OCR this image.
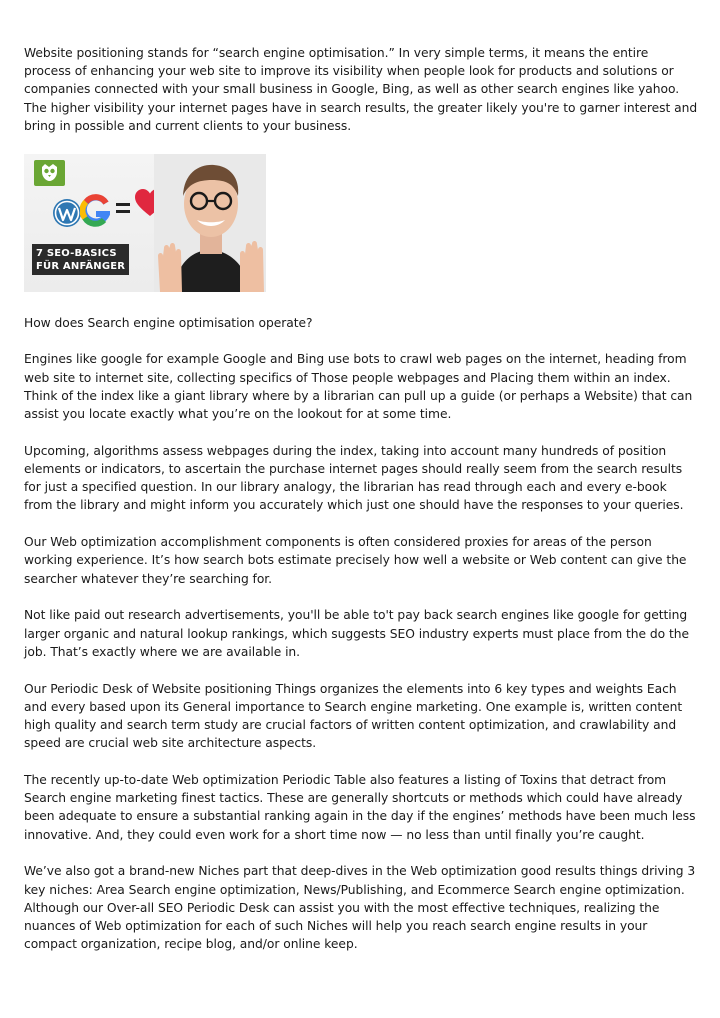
Website positioning stands for “search engine optimisation.” In very simple terms, it means the entire process of enhancing your web site to improve its visibility when people look for products and solutions or companies connected with your small business in Google, Bing, as well as other search engines like yahoo. The higher visibility your internet pages have in search results, the greater likely you're to garner interest and bring in possible and current clients to your business.

7 SEO-BASICS
FÜR ANFÄNGER

How does Search engine optimisation operate?

Engines like google for example Google and Bing use bots to crawl web pages on the internet, heading from web site to internet site, collecting specifics of Those people webpages and Placing them within an index. Think of the index like a giant library where by a librarian can pull up a guide (or perhaps a Website) that can assist you locate exactly what you’re on the lookout for at some time.

Upcoming, algorithms assess webpages during the index, taking into account many hundreds of position elements or indicators, to ascertain the purchase internet pages should really seem from the search results for just a specified question. In our library analogy, the librarian has read through each and every e-book from the library and might inform you accurately which just one should have the responses to your queries.

Our Web optimization accomplishment components is often considered proxies for areas of the person working experience. It’s how search bots estimate precisely how well a website or Web content can give the searcher whatever they’re searching for.

Not like paid out research advertisements, you'll be able to't pay back search engines like google for getting larger organic and natural lookup rankings, which suggests SEO industry experts must place from the do the job. That’s exactly where we are available in.

Our Periodic Desk of Website positioning Things organizes the elements into 6 key types and weights Each and every based upon its General importance to Search engine marketing. One example is, written content high quality and search term study are crucial factors of written content optimization, and crawlability and speed are crucial web site architecture aspects.

The recently up-to-date Web optimization Periodic Table also features a listing of Toxins that detract from Search engine marketing finest tactics. These are generally shortcuts or methods which could have already been adequate to ensure a substantial ranking again in the day if the engines’ methods have been much less innovative. And, they could even work for a short time now — no less than until finally you’re caught.

We’ve also got a brand-new Niches part that deep-dives in the Web optimization good results things driving 3 key niches: Area Search engine optimization, News/Publishing, and Ecommerce Search engine optimization. Although our Over-all SEO Periodic Desk can assist you with the most effective techniques, realizing the nuances of Web optimization for each of such Niches will help you reach search engine results in your compact organization, recipe blog, and/or online keep.
